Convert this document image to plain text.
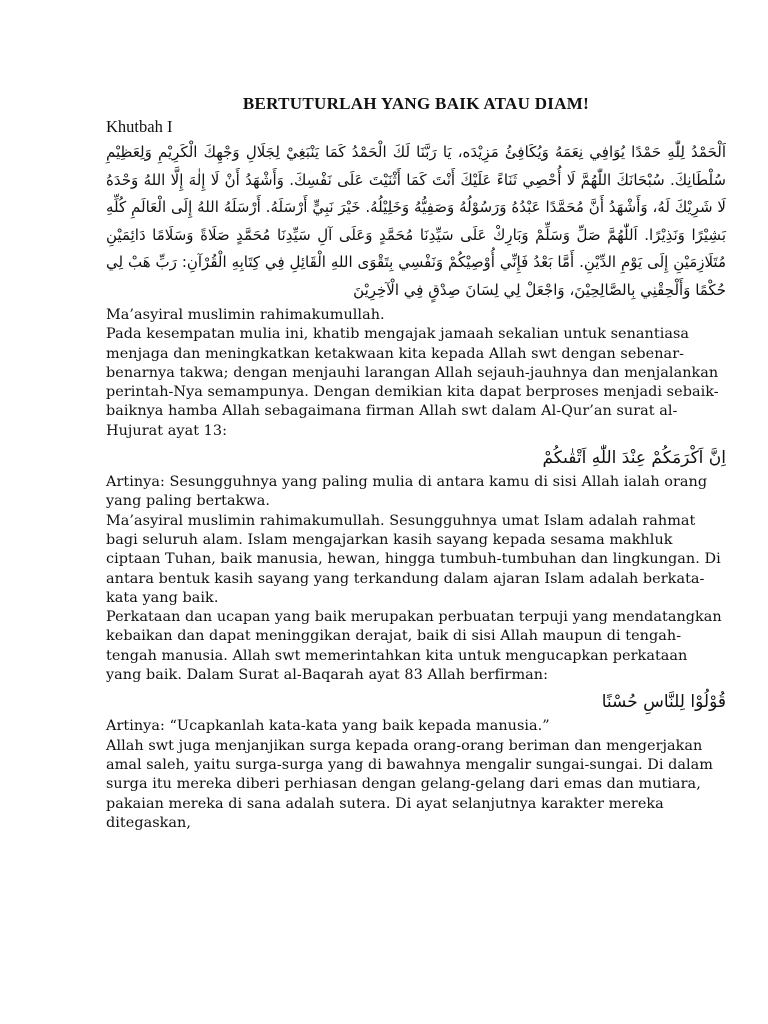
BERTUTURLAH YANG BAIK ATAU DIAM!
Khutbah I
اَلْحَمْدُ لِلّٰهِ حَمْدًا يُوَافِي نِعَمَهُ وَيُكَافِئُ مَزِيْدَه، يَا رَبَّنَا لَكَ الْحَمْدُ كَمَا يَنْبَغِيْ لِجَلَالِ وَجْهِكَ الْكَرِيْمِ وَلِعَظِيْمِ سُلْطَانِكَ. سُبْحَانَكَ اللّٰهُمَّ لَا أُحْصِي ثَنَاءً عَلَيْكَ أَنْتَ كَمَا أَثْنَيْتَ عَلَى نَفْسِكَ. وَأَشْهَدُ أَنْ لَا إِلٰهَ إِلَّا اللهُ وَحْدَهُ لَا شَرِيْكَ لَهُ، وَأَشْهَدُ أَنَّ مُحَمَّدًا عَبْدُهُ وَرَسُوْلُهُ وَصَفِيُّهُ وَخَلِيْلُهُ. خَيْرَ نَبِيٍّ أَرْسَلَهُ. أَرْسَلَهُ اللهُ إِلَى الْعَالَمِ كُلِّهِ بَشِيْرًا وَنَذِيْرًا. اَللّٰهُمَّ صَلِّ وَسَلِّمْ وَبَارِكْ عَلَى سَيِّدِنَا مُحَمَّدٍ وَعَلَى آلِ سَيِّدِنَا مُحَمَّدٍ صَلَاةً وَسَلَامًا دَائِمَيْنِ مُتَلَازِمَيْنِ إِلَى يَوْمِ الدِّيْنِ. أَمَّا بَعْدُ فَإِنِّي أُوْصِيْكُمْ وَنَفْسِي بِتَقْوَى اللهِ الْقَائِلِ فِي كِتَابِهِ الْقُرْآنِ: رَبِّ هَبْ لِي حُكْمًا وَأَلْحِقْنِي بِالصَّالِحِيْنَ، وَاجْعَلْ لِي لِسَانَ صِدْقٍ فِي الْآخِرِيْنَ

Ma’asyiral muslimin rahimakumullah.

Pada kesempatan mulia ini, khatib mengajak jamaah sekalian untuk senantiasa menjaga dan meningkatkan ketakwaan kita kepada Allah swt dengan sebenar-benarnya takwa; dengan menjauhi larangan Allah sejauh-jauhnya dan menjalankan perintah-Nya semampunya. Dengan demikian kita dapat berproses menjadi sebaik-baiknya hamba Allah sebagaimana firman Allah swt dalam Al-Qur’an surat al-Hujurat ayat 13:

اِنَّ اَكْرَمَكُمْ عِنْدَ اللّٰهِ اَتْقٰىكُمْ

Artinya: Sesungguhnya yang paling mulia di antara kamu di sisi Allah ialah orang yang paling bertakwa.

Ma’asyiral muslimin rahimakumullah. Sesungguhnya umat Islam adalah rahmat bagi seluruh alam. Islam mengajarkan kasih sayang kepada sesama makhluk ciptaan Tuhan, baik manusia, hewan, hingga tumbuh-tumbuhan dan lingkungan. Di antara bentuk kasih sayang yang terkandung dalam ajaran Islam adalah berkata-kata yang baik.

Perkataan dan ucapan yang baik merupakan perbuatan terpuji yang mendatangkan kebaikan dan dapat meninggikan derajat, baik di sisi Allah maupun di tengah-tengah manusia. Allah swt memerintahkan kita untuk mengucapkan perkataan yang baik. Dalam Surat al-Baqarah ayat 83 Allah berfirman:

قُوْلُوْا لِلنَّاسِ حُسْنًا

Artinya: “Ucapkanlah kata-kata yang baik kepada manusia.”

Allah swt juga menjanjikan surga kepada orang-orang beriman dan mengerjakan amal saleh, yaitu surga-surga yang di bawahnya mengalir sungai-sungai. Di dalam surga itu mereka diberi perhiasan dengan gelang-gelang dari emas dan mutiara, pakaian mereka di sana adalah sutera. Di ayat selanjutnya karakter mereka ditegaskan,
